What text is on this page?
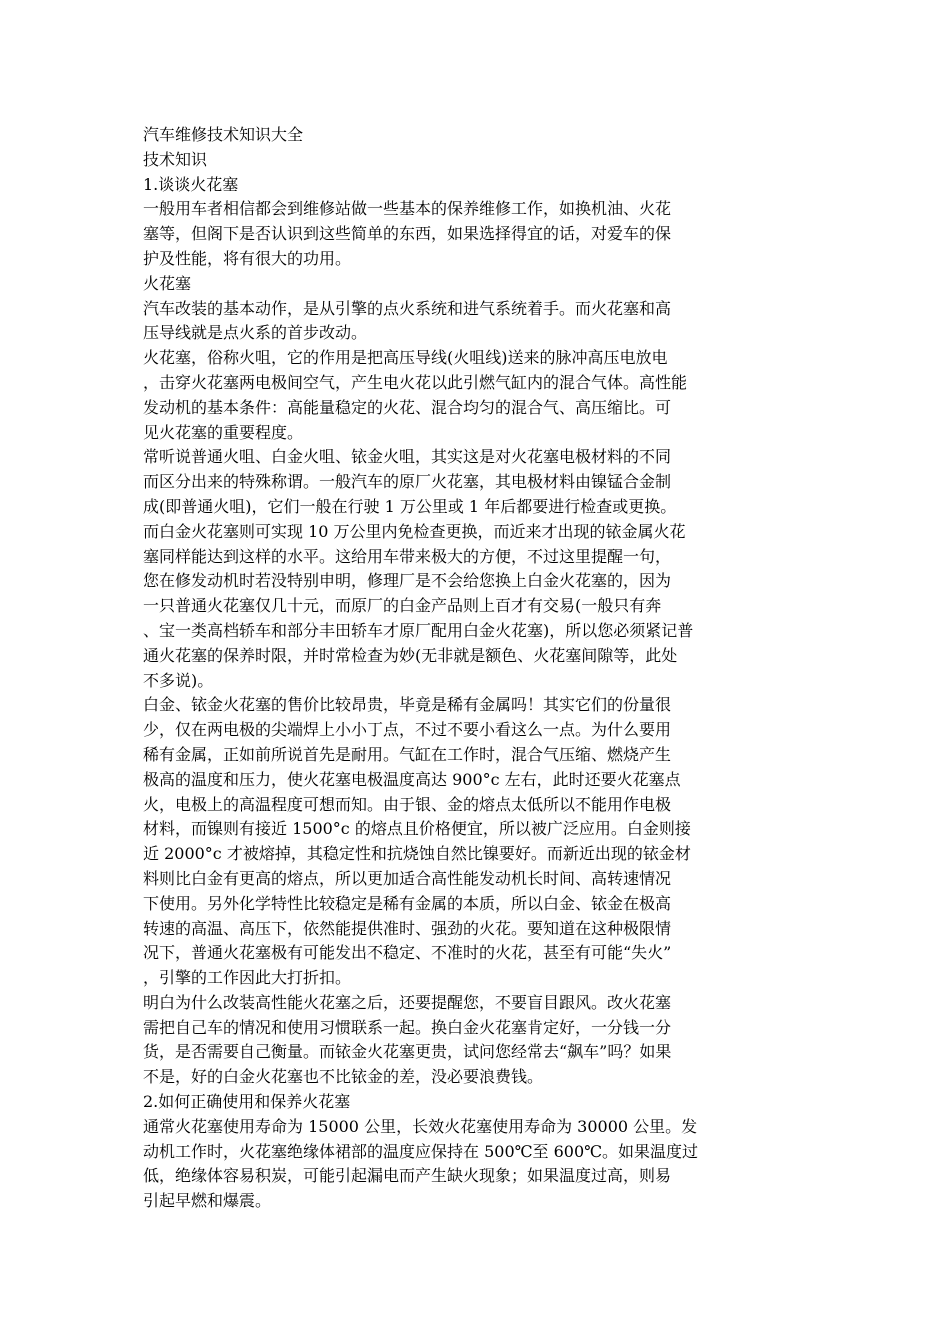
汽车维修技术知识大全
技术知识
1.谈谈火花塞
一般用车者相信都会到维修站做一些基本的保养维修工作，如换机油、火花
塞等，但阁下是否认识到这些简单的东西，如果选择得宜的话，对爱车的保
护及性能，将有很大的功用。
火花塞
汽车改装的基本动作，是从引擎的点火系统和进气系统着手。而火花塞和高
压导线就是点火系的首步改动。
火花塞，俗称火咀，它的作用是把高压导线(火咀线)送来的脉冲高压电放电
，击穿火花塞两电极间空气，产生电火花以此引燃气缸内的混合气体。高性能
发动机的基本条件：高能量稳定的火花、混合均匀的混合气、高压缩比。可
见火花塞的重要程度。
常听说普通火咀、白金火咀、铱金火咀，其实这是对火花塞电极材料的不同
而区分出来的特殊称谓。一般汽车的原厂火花塞，其电极材料由镍锰合金制
成(即普通火咀)，它们一般在行驶 1 万公里或 1 年后都要进行检查或更换。
而白金火花塞则可实现 10 万公里内免检查更换，而近来才出现的铱金属火花
塞同样能达到这样的水平。这给用车带来极大的方便，不过这里提醒一句，
您在修发动机时若没特别申明，修理厂是不会给您换上白金火花塞的，因为
一只普通火花塞仅几十元，而原厂的白金产品则上百才有交易(一般只有奔
、宝一类高档轿车和部分丰田轿车才原厂配用白金火花塞)，所以您必须紧记普
通火花塞的保养时限，并时常检查为妙(无非就是额色、火花塞间隙等，此处
不多说)。
白金、铱金火花塞的售价比较昂贵，毕竟是稀有金属吗！其实它们的份量很
少，仅在两电极的尖端焊上小小丁点，不过不要小看这么一点。为什么要用
稀有金属，正如前所说首先是耐用。气缸在工作时，混合气压缩、燃烧产生
极高的温度和压力，使火花塞电极温度高达 900°c 左右，此时还要火花塞点
火，电极上的高温程度可想而知。由于银、金的熔点太低所以不能用作电极
材料，而镍则有接近 1500°c 的熔点且价格便宜，所以被广泛应用。白金则接
近 2000°c 才被熔掉，其稳定性和抗烧蚀自然比镍要好。而新近出现的铱金材
料则比白金有更高的熔点，所以更加适合高性能发动机长时间、高转速情况
下使用。另外化学特性比较稳定是稀有金属的本质，所以白金、铱金在极高
转速的高温、高压下，依然能提供准时、强劲的火花。要知道在这种极限情
况下，普通火花塞极有可能发出不稳定、不准时的火花，甚至有可能“失火”
，引擎的工作因此大打折扣。
明白为什么改装高性能火花塞之后，还要提醒您，不要盲目跟风。改火花塞
需把自己车的情况和使用习惯联系一起。换白金火花塞肯定好，一分钱一分
货，是否需要自己衡量。而铱金火花塞更贵，试问您经常去“飙车”吗？如果
不是，好的白金火花塞也不比铱金的差，没必要浪费钱。
2.如何正确使用和保养火花塞
通常火花塞使用寿命为 15000 公里，长效火花塞使用寿命为 30000 公里。发
动机工作时，火花塞绝缘体裙部的温度应保持在 500℃至 600℃。如果温度过
低，绝缘体容易积炭，可能引起漏电而产生缺火现象；如果温度过高，则易
引起早燃和爆震。
